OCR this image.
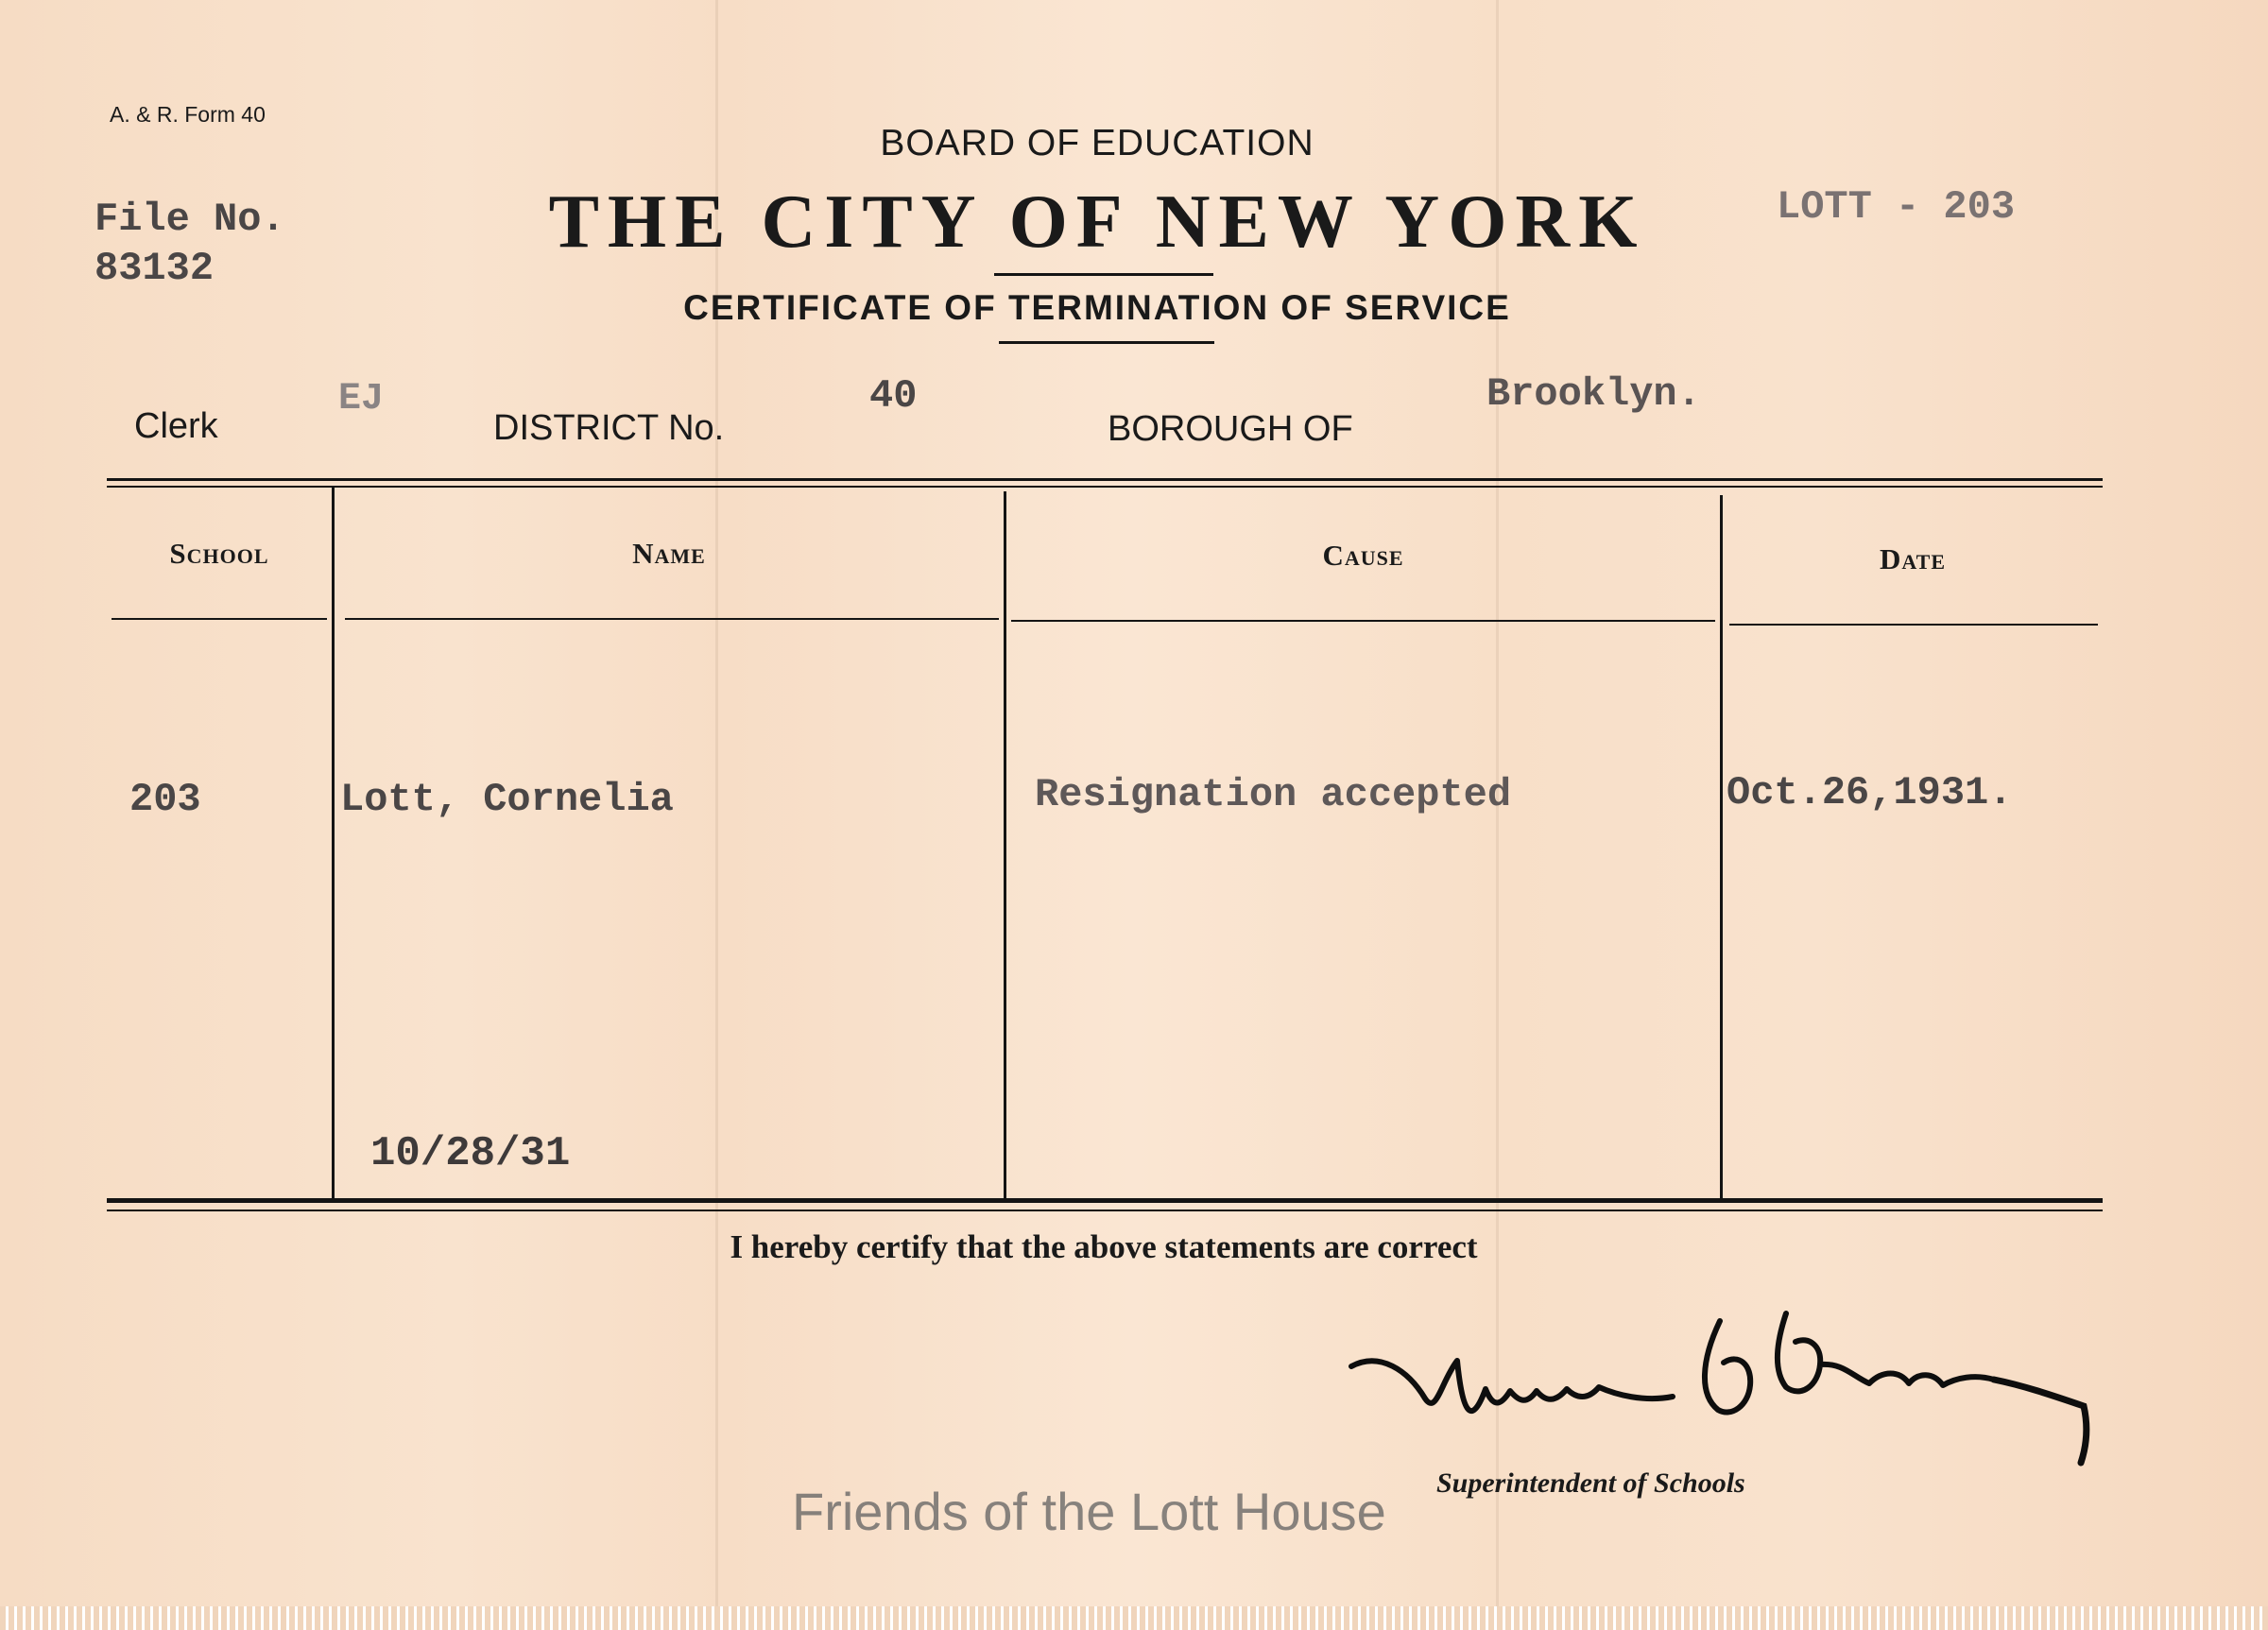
A. & R. Form 40
BOARD OF EDUCATION
THE CITY OF NEW YORK
CERTIFICATE OF TERMINATION OF SERVICE
File No.
83132
LOTT - 203
Clerk
EJ
DISTRICT No.
40
BOROUGH OF
Brooklyn.
School	Name	Cause	Date
203	Lott, Cornelia	Resignation accepted	Oct.26,1931.
10/28/31
I hereby certify that the above statements are correct
Superintendent of Schools
Friends of the Lott House
